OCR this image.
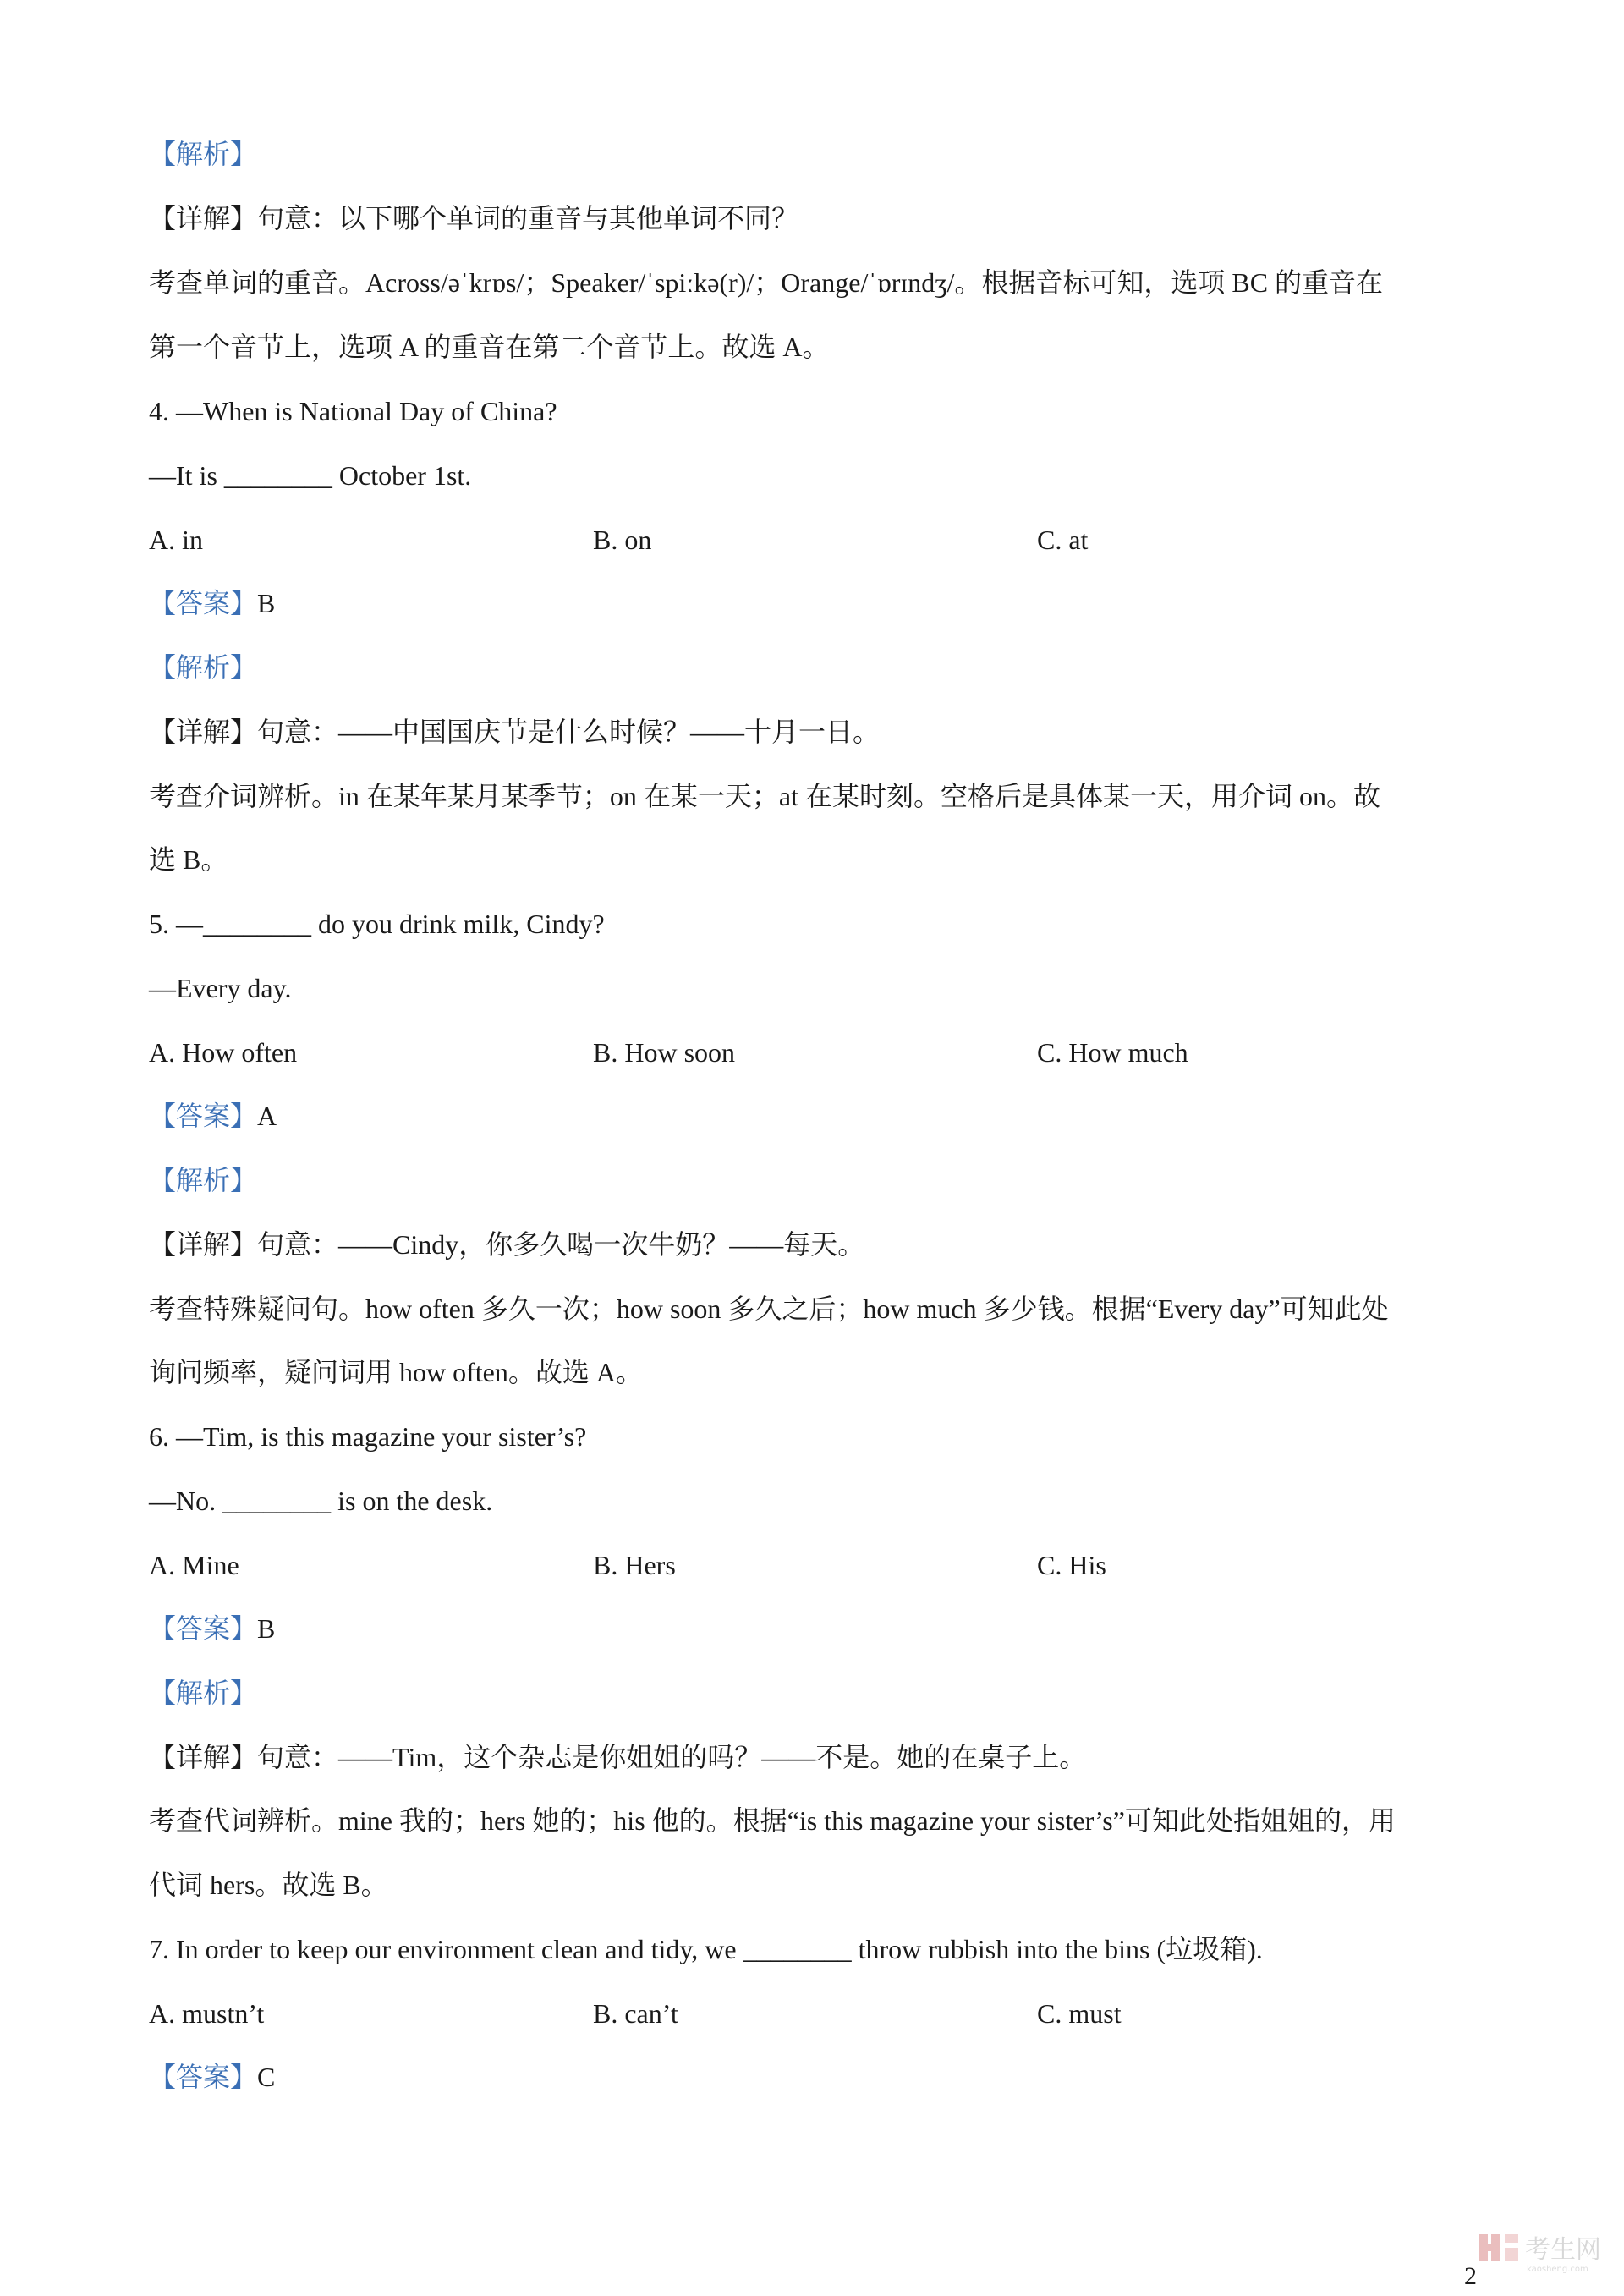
【解析】
【详解】句意：以下哪个单词的重音与其他单词不同？
考查单词的重音。Across/əˈkrɒs/；Speaker/ˈspiːkə(r)/；Orange/ˈɒrɪndʒ/。根据音标可知，选项 BC 的重音在
第一个音节上，选项 A 的重音在第二个音节上。故选 A。
4. —When is National Day of China?
—It is ________ October 1st.
A. in	B. on	C. at
【答案】B
【解析】
【详解】句意：——中国国庆节是什么时候？——十月一日。
考查介词辨析。in 在某年某月某季节；on 在某一天；at 在某时刻。空格后是具体某一天，用介词 on。故
选 B。
5. —________ do you drink milk, Cindy?
—Every day.
A. How often	B. How soon	C. How much
【答案】A
【解析】
【详解】句意：——Cindy，你多久喝一次牛奶？——每天。
考查特殊疑问句。how often 多久一次；how soon 多久之后；how much 多少钱。根据“Every day”可知此处
询问频率，疑问词用 how often。故选 A。
6. —Tim, is this magazine your sister’s?
—No. ________ is on the desk.
A. Mine	B. Hers	C. His
【答案】B
【解析】
【详解】句意：——Tim，这个杂志是你姐姐的吗？——不是。她的在桌子上。
考查代词辨析。mine 我的；hers 她的；his 他的。根据“is this magazine your sister’s”可知此处指姐姐的，用
代词 hers。故选 B。
7. In order to keep our environment clean and tidy, we ________ throw rubbish into the bins (垃圾箱).
A. mustn’t	B. can’t	C. must
【答案】C
考生网
kaosheng.com
2
